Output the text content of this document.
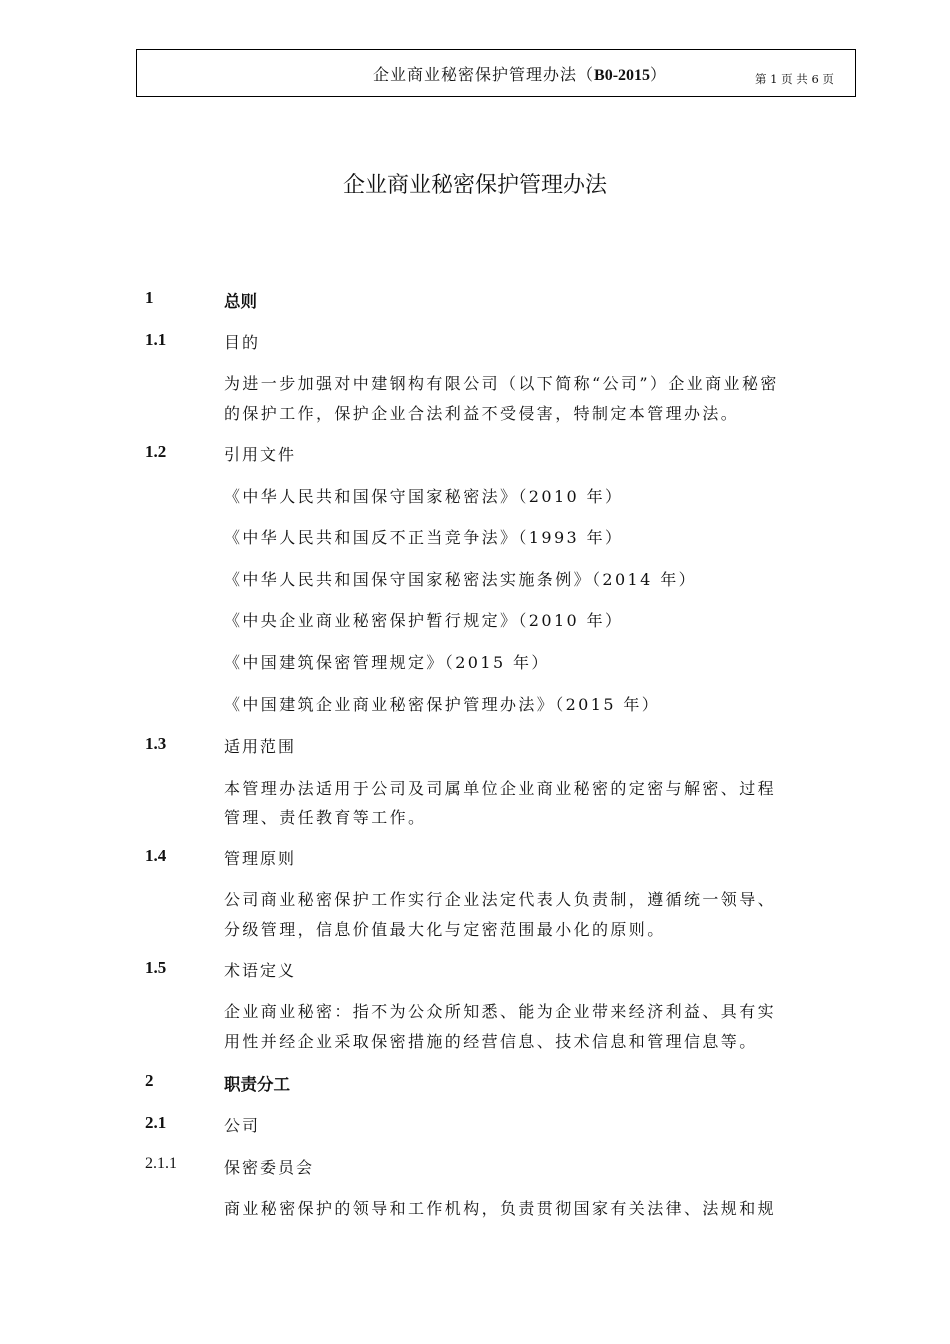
企业商业秘密保护管理办法（B0-2015）	第 1 页 共 6 页
企业商业秘密保护管理办法
1	总则
1.1	目的
为进一步加强对中建钢构有限公司（以下简称“公司”）企业商业秘密
的保护工作，保护企业合法利益不受侵害，特制定本管理办法。
1.2	引用文件
《中华人民共和国保守国家秘密法》（2010 年）
《中华人民共和国反不正当竞争法》（1993 年）
《中华人民共和国保守国家秘密法实施条例》（2014 年）
《中央企业商业秘密保护暂行规定》（2010 年）
《中国建筑保密管理规定》（2015 年）
《中国建筑企业商业秘密保护管理办法》（2015 年）
1.3	适用范围
本管理办法适用于公司及司属单位企业商业秘密的定密与解密、过程
管理、责任教育等工作。
1.4	管理原则
公司商业秘密保护工作实行企业法定代表人负责制，遵循统一领导、
分级管理，信息价值最大化与定密范围最小化的原则。
1.5	术语定义
企业商业秘密：指不为公众所知悉、能为企业带来经济利益、具有实
用性并经企业采取保密措施的经营信息、技术信息和管理信息等。
2	职责分工
2.1	公司
2.1.1	保密委员会
商业秘密保护的领导和工作机构，负责贯彻国家有关法律、法规和规
